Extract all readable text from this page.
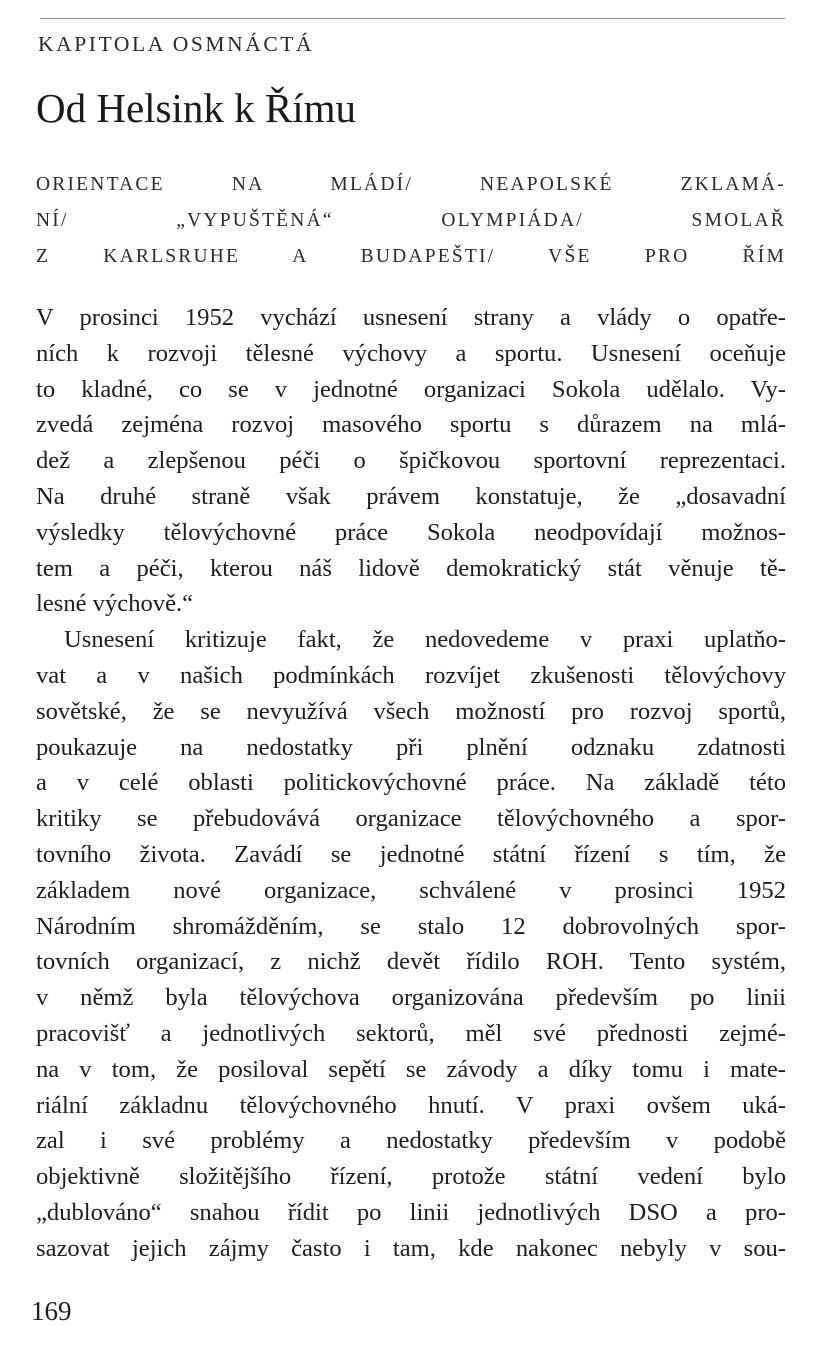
KAPITOLA OSMNÁCTÁ
Od Helsink k Římu
ORIENTACE NA MLÁDÍ/ NEAPOLSKÉ ZKLAMÁ-
NÍ/ „VYPUŠTĚNÁ“ OLYMPIÁDA/ SMOLAŘ
Z KARLSRUHE A BUDAPEŠTI/ VŠE PRO ŘÍM
V prosinci 1952 vychází usnesení strany a vlády o opatře-
ních k rozvoji tělesné výchovy a sportu. Usnesení oceňuje
to kladné, co se v jednotné organizaci Sokola udělalo. Vy-
zvedá zejména rozvoj masového sportu s důrazem na mlá-
dež a zlepšenou péči o špičkovou sportovní reprezentaci.
Na druhé straně však právem konstatuje, že „dosavadní
výsledky tělovýchovné práce Sokola neodpovídají možnos-
tem a péči, kterou náš lidově demokratický stát věnuje tě-
lesné výchově.“
Usnesení kritizuje fakt, že nedovedeme v praxi uplatňo-
vat a v našich podmínkách rozvíjet zkušenosti tělovýchovy
sovětské, že se nevyužívá všech možností pro rozvoj sportů,
poukazuje na nedostatky při plnění odznaku zdatnosti
a v celé oblasti politickovýchovné práce. Na základě této
kritiky se přebudovává organizace tělovýchovného a spor-
tovního života. Zavádí se jednotné státní řízení s tím, že
základem nové organizace, schválené v prosinci 1952
Národním shromážděním, se stalo 12 dobrovolných spor-
tovních organizací, z nichž devět řídilo ROH. Tento systém,
v němž byla tělovýchova organizována především po linii
pracovišť a jednotlivých sektorů, měl své přednosti zejmé-
na v tom, že posiloval sepětí se závody a díky tomu i mate-
riální základnu tělovýchovného hnutí. V praxi ovšem uká-
zal i své problémy a nedostatky především v podobě
objektivně složitějšího řízení, protože státní vedení bylo
„dublováno“ snahou řídit po linii jednotlivých DSO a pro-
sazovat jejich zájmy často i tam, kde nakonec nebyly v sou-
169
